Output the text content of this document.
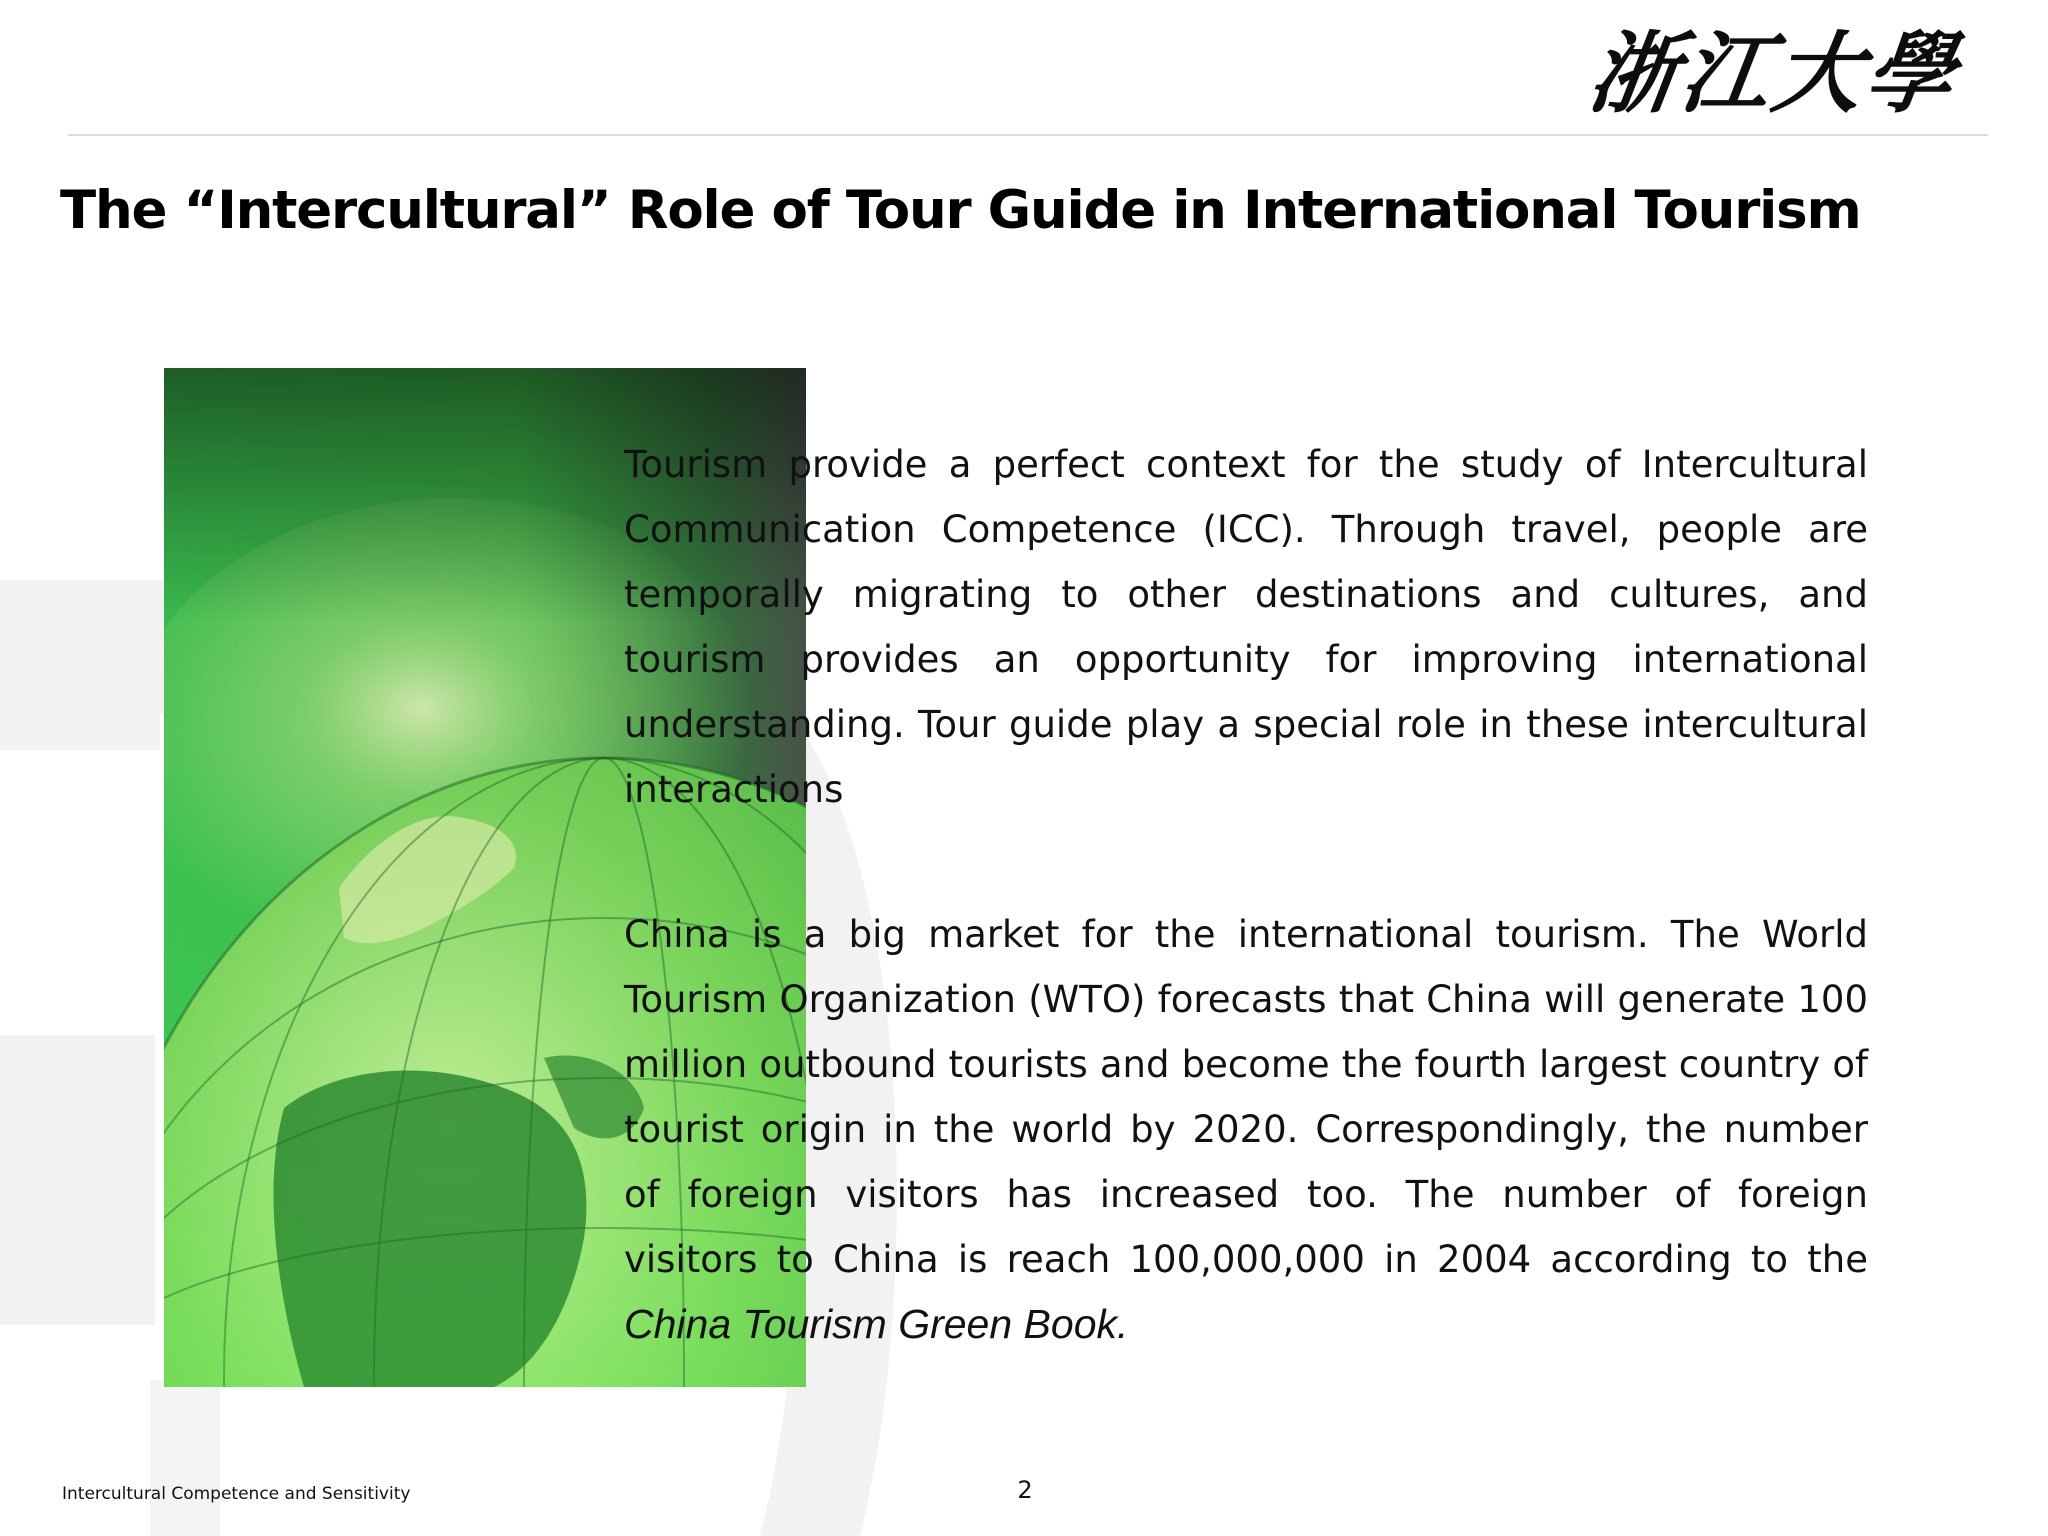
浙江大學
The “Intercultural” Role of Tour Guide in International Tourism

Tourism provide a perfect context for the study of Intercultural Communication Competence (ICC). Through travel, people are temporally migrating to other destinations and cultures, and tourism provides an opportunity for improving international understanding. Tour guide play a special role in these intercultural interactions

China is a big market for the international tourism. The World Tourism Organization (WTO) forecasts that China will generate 100 million outbound tourists and become the fourth largest country of tourist origin in the world by 2020. Correspondingly, the number of foreign visitors has increased too. The number of foreign visitors to China is reach 100,000,000 in 2004 according to the China Tourism Green Book.

Intercultural Competence and Sensitivity	2
